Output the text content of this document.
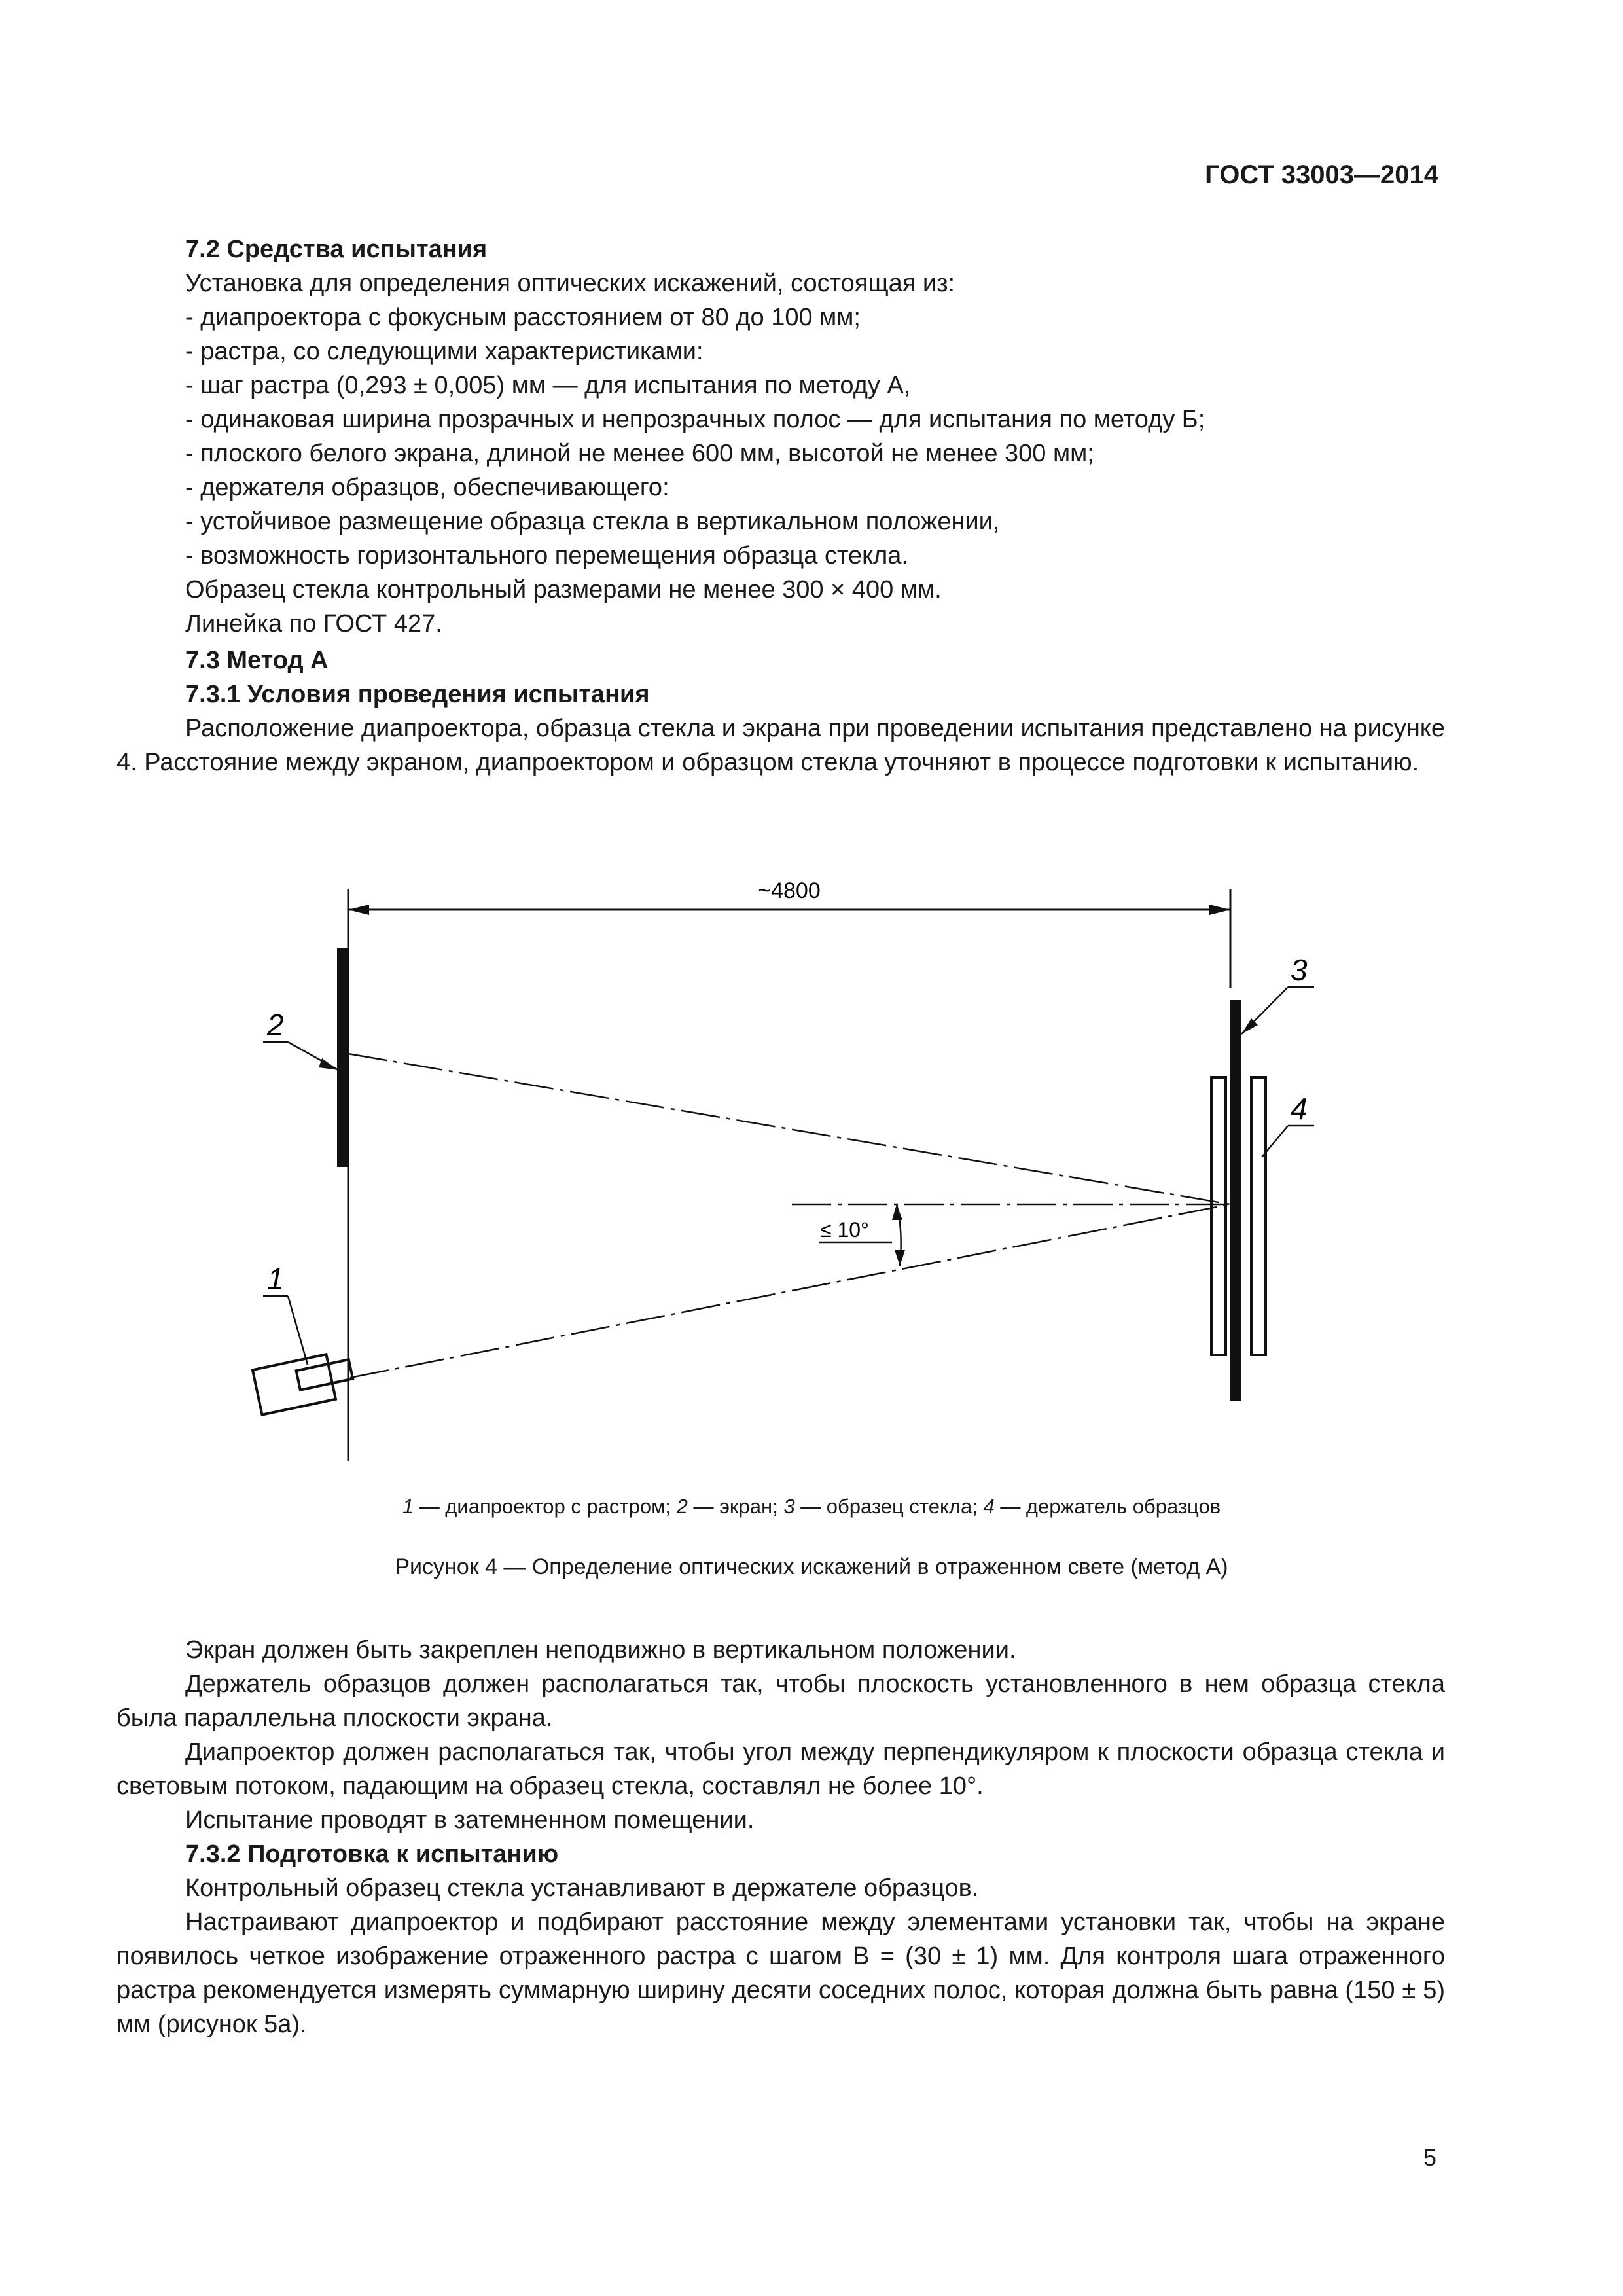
ГОСТ 33003—2014
7.2 Средства испытания
Установка для определения оптических искажений, состоящая из:
- диапроектора с фокусным расстоянием от 80 до 100 мм;
- растра, со следующими характеристиками:
- шаг растра (0,293 ± 0,005) мм — для испытания по методу А,
- одинаковая ширина прозрачных и непрозрачных полос — для испытания по методу Б;
- плоского белого экрана, длиной не менее 600 мм, высотой не менее 300 мм;
- держателя образцов, обеспечивающего:
- устойчивое размещение образца стекла в вертикальном положении,
- возможность горизонтального перемещения образца стекла.
Образец стекла контрольный размерами не менее 300 × 400 мм.
Линейка по ГОСТ 427.
7.3 Метод А
7.3.1 Условия проведения испытания

Расположение диапроектора, образца стекла и экрана при проведении испытания представлено на рисунке 4. Расстояние между экраном, диапроектором и образцом стекла уточняют в процессе подготовки к испытанию.

~4800
≤ 10°
2
1
3
4
1 — диапроектор с растром; 2 — экран; 3 — образец стекла; 4 — держатель образцов
Рисунок 4 — Определение оптических искажений в отраженном свете (метод А)

Экран должен быть закреплен неподвижно в вертикальном положении.

Держатель образцов должен располагаться так, чтобы плоскость установленного в нем образца стекла была параллельна плоскости экрана.

Диапроектор должен располагаться так, чтобы угол между перпендикуляром к плоскости образца стекла и световым потоком, падающим на образец стекла, составлял не более 10°.

Испытание проводят в затемненном помещении.

7.3.2 Подготовка к испытанию

Контрольный образец стекла устанавливают в держателе образцов.

Настраивают диапроектор и подбирают расстояние между элементами установки так, чтобы на экране появилось четкое изображение отраженного растра с шагом B = (30 ± 1) мм. Для контроля шага отраженного растра рекомендуется измерять суммарную ширину десяти соседних полос, которая должна быть равна (150 ± 5) мм (рисунок 5а).

5
